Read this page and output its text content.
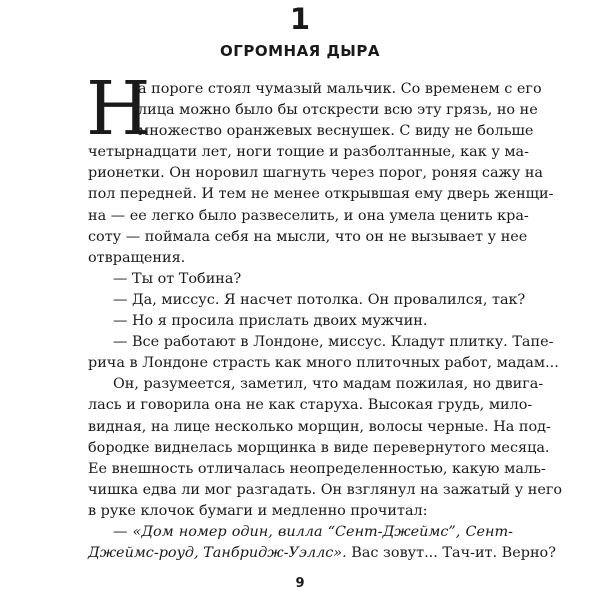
1
ОГРОМНАЯ ДЫРА
Н
а пороге стоял чумазый мальчик. Со временем с его
лица можно было бы отскрести всю эту грязь, но не
множество оранжевых веснушек. С виду не больше
четырнадцати лет, ноги тощие и разболтанные, как у ма-
рионетки. Он норовил шагнуть через порог, роняя сажу на
пол передней. И тем не менее открывшая ему дверь женщи-
на — ее легко было развеселить, и она умела ценить кра-
соту — поймала себя на мысли, что он не вызывает у нее
отвращения.
— Ты от Тобина?
— Да, миссус. Я насчет потолка. Он провалился, так?
— Но я просила прислать двоих мужчин.
— Все работают в Лондоне, миссус. Кладут плитку. Тапе-
рича в Лондоне страсть как много плиточных работ, мадам...
Он, разумеется, заметил, что мадам пожилая, но двига-
лась и говорила она не как старуха. Высокая грудь, мило-
видная, на лице несколько морщин, волосы черные. На под-
бородке виднелась морщинка в виде перевернутого месяца.
Ее внешность отличалась неопределенностью, какую маль-
чишка едва ли мог разгадать. Он взглянул на зажатый у него
в руке клочок бумаги и медленно прочитал:
— «Дом номер один, вилла “Сент-Джеймс”, Сент-
Джеймс-роуд, Танбридж-Уэллс». Вас зовут... Тач-ит. Верно?
9
